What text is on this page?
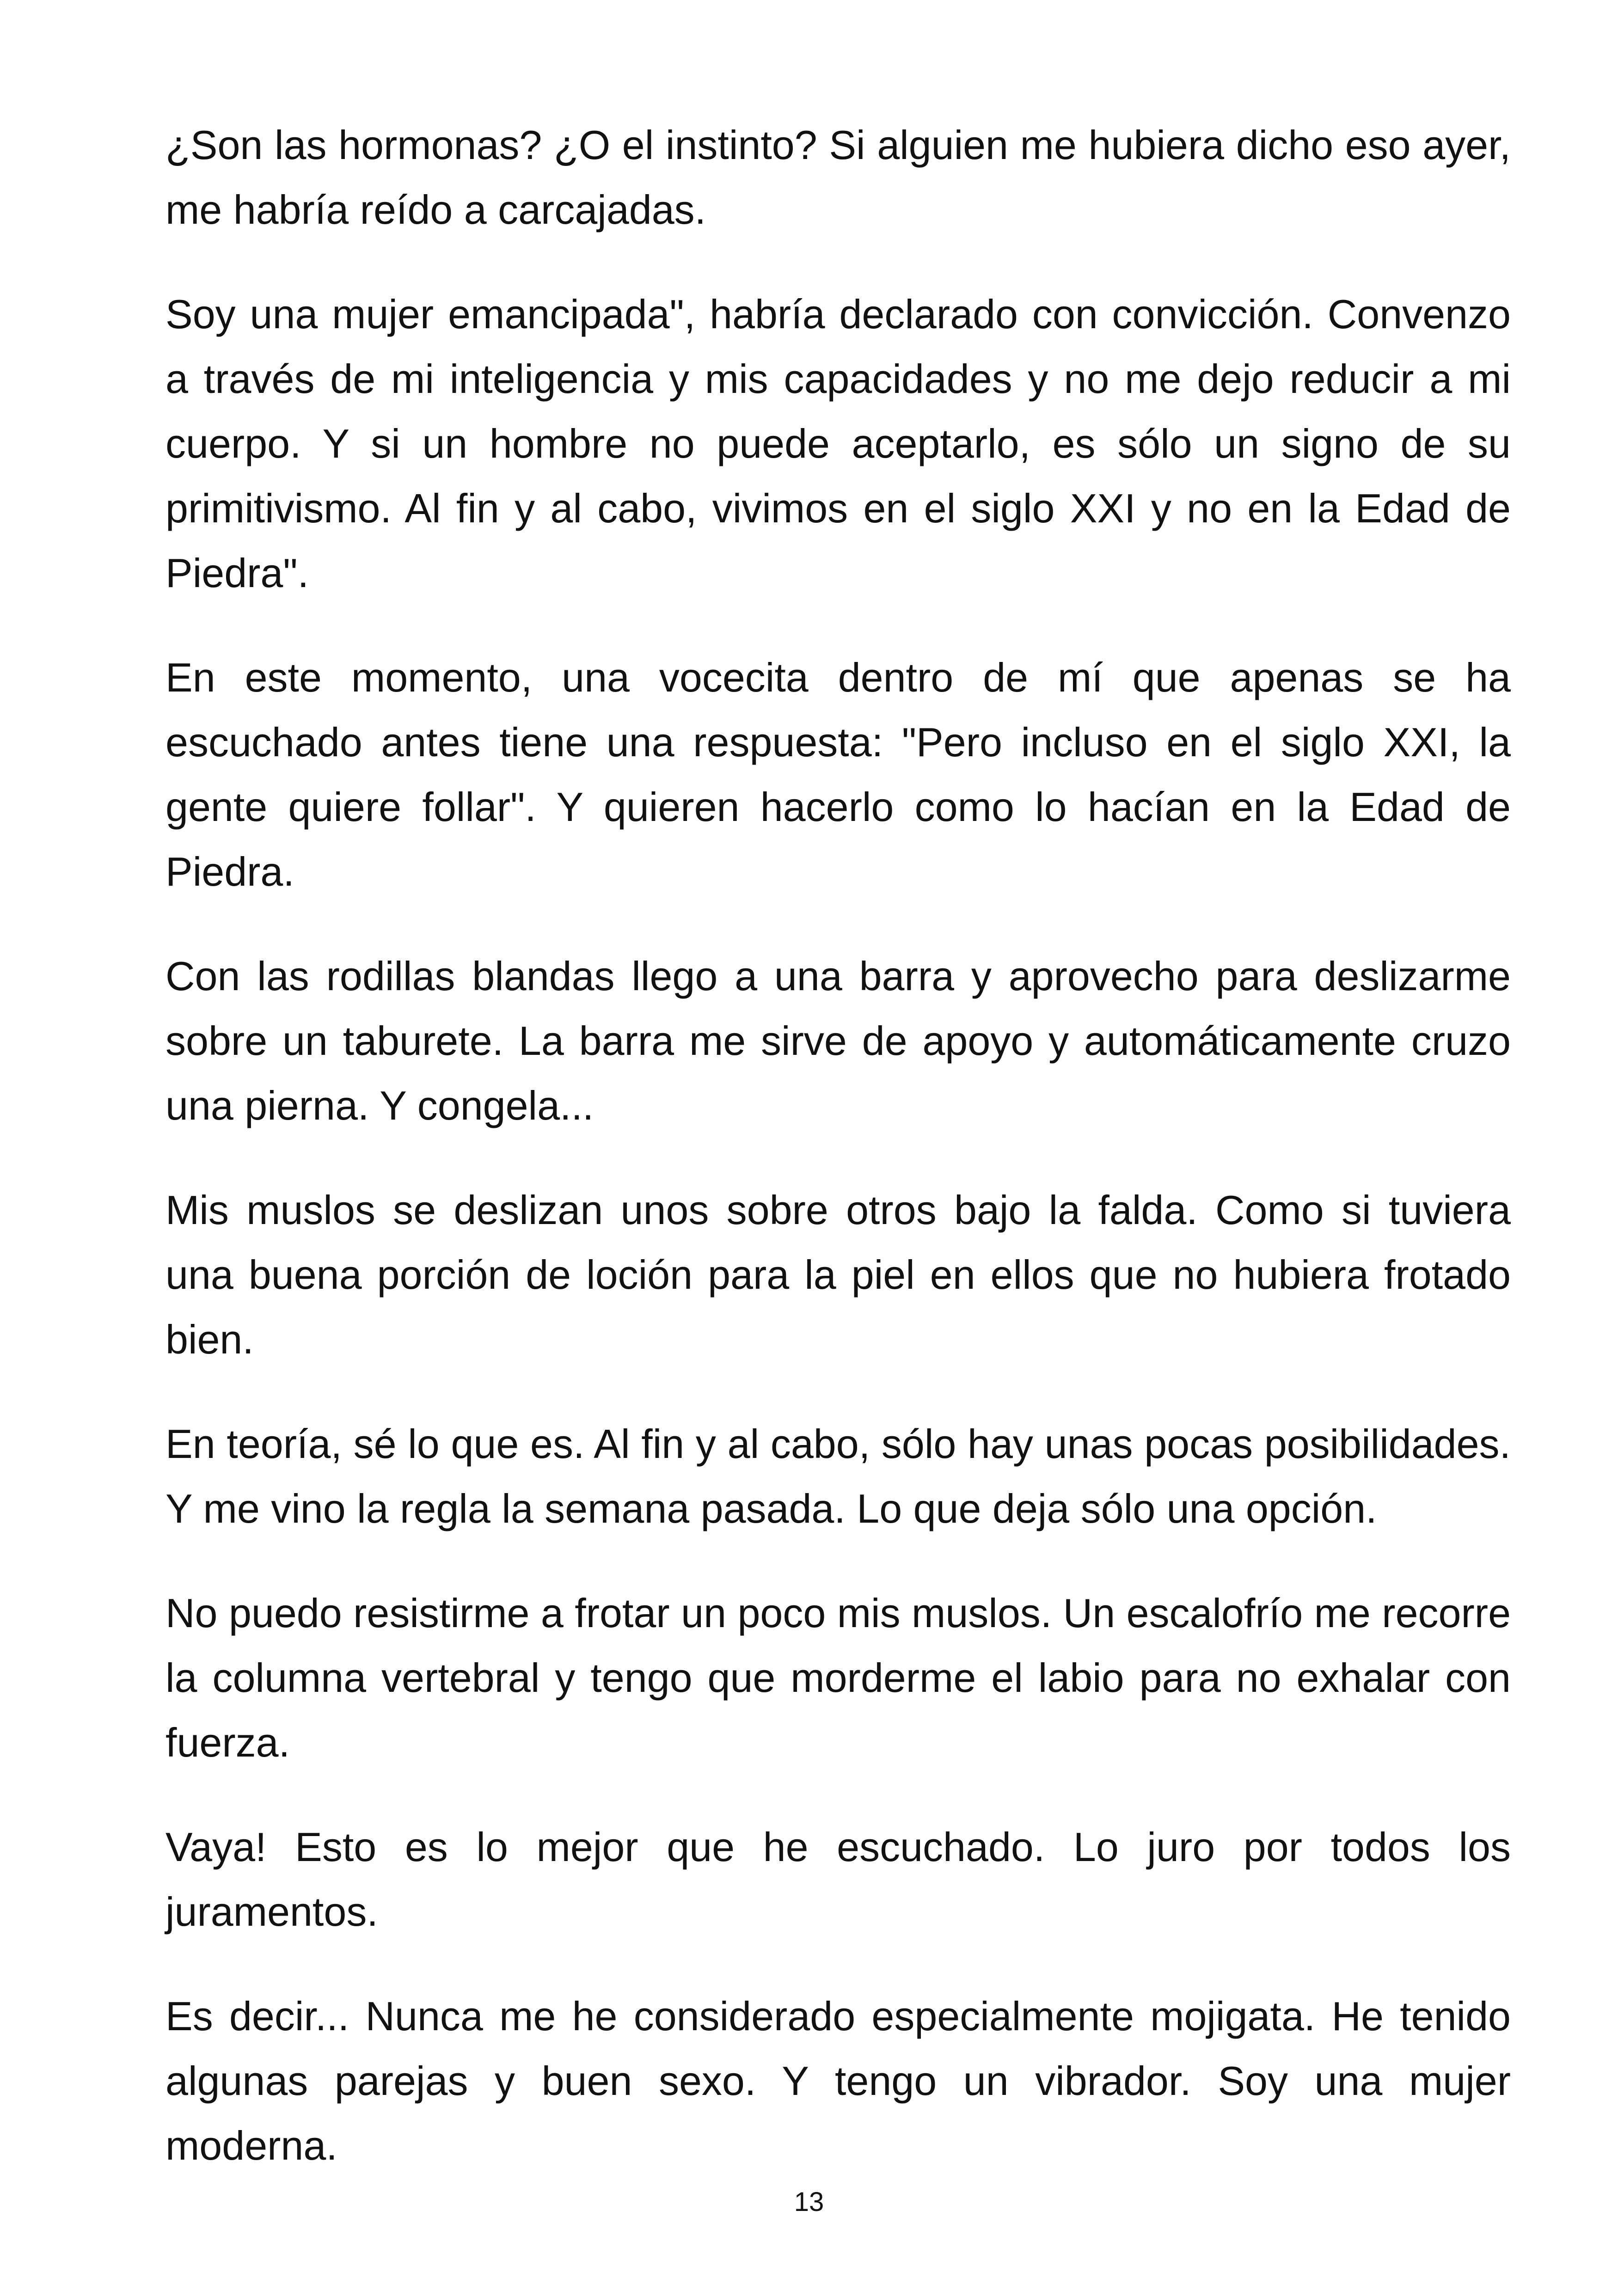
¿Son las hormonas? ¿O el instinto? Si alguien me hubiera dicho eso ayer, me habría reído a carcajadas.

Soy una mujer emancipada", habría declarado con convicción. Convenzo a través de mi inteligencia y mis capacidades y no me dejo reducir a mi cuerpo. Y si un hombre no puede aceptarlo, es sólo un signo de su primitivismo. Al fin y al cabo, vivimos en el siglo XXI y no en la Edad de Piedra".

En este momento, una vocecita dentro de mí que apenas se ha escuchado antes tiene una respuesta: "Pero incluso en el siglo XXI, la gente quiere follar". Y quieren hacerlo como lo hacían en la Edad de Piedra.

Con las rodillas blandas llego a una barra y aprovecho para deslizarme sobre un taburete. La barra me sirve de apoyo y automáticamente cruzo una pierna. Y congela...

Mis muslos se deslizan unos sobre otros bajo la falda. Como si tuviera una buena porción de loción para la piel en ellos que no hubiera frotado bien.

En teoría, sé lo que es. Al fin y al cabo, sólo hay unas pocas posibilidades. Y me vino la regla la semana pasada. Lo que deja sólo una opción.

No puedo resistirme a frotar un poco mis muslos. Un escalofrío me recorre la columna vertebral y tengo que morderme el labio para no exhalar con fuerza.

Vaya! Esto es lo mejor que he escuchado. Lo juro por todos los juramentos.

Es decir... Nunca me he considerado especialmente mojigata. He tenido algunas parejas y buen sexo. Y tengo un vibrador. Soy una mujer moderna.

13
